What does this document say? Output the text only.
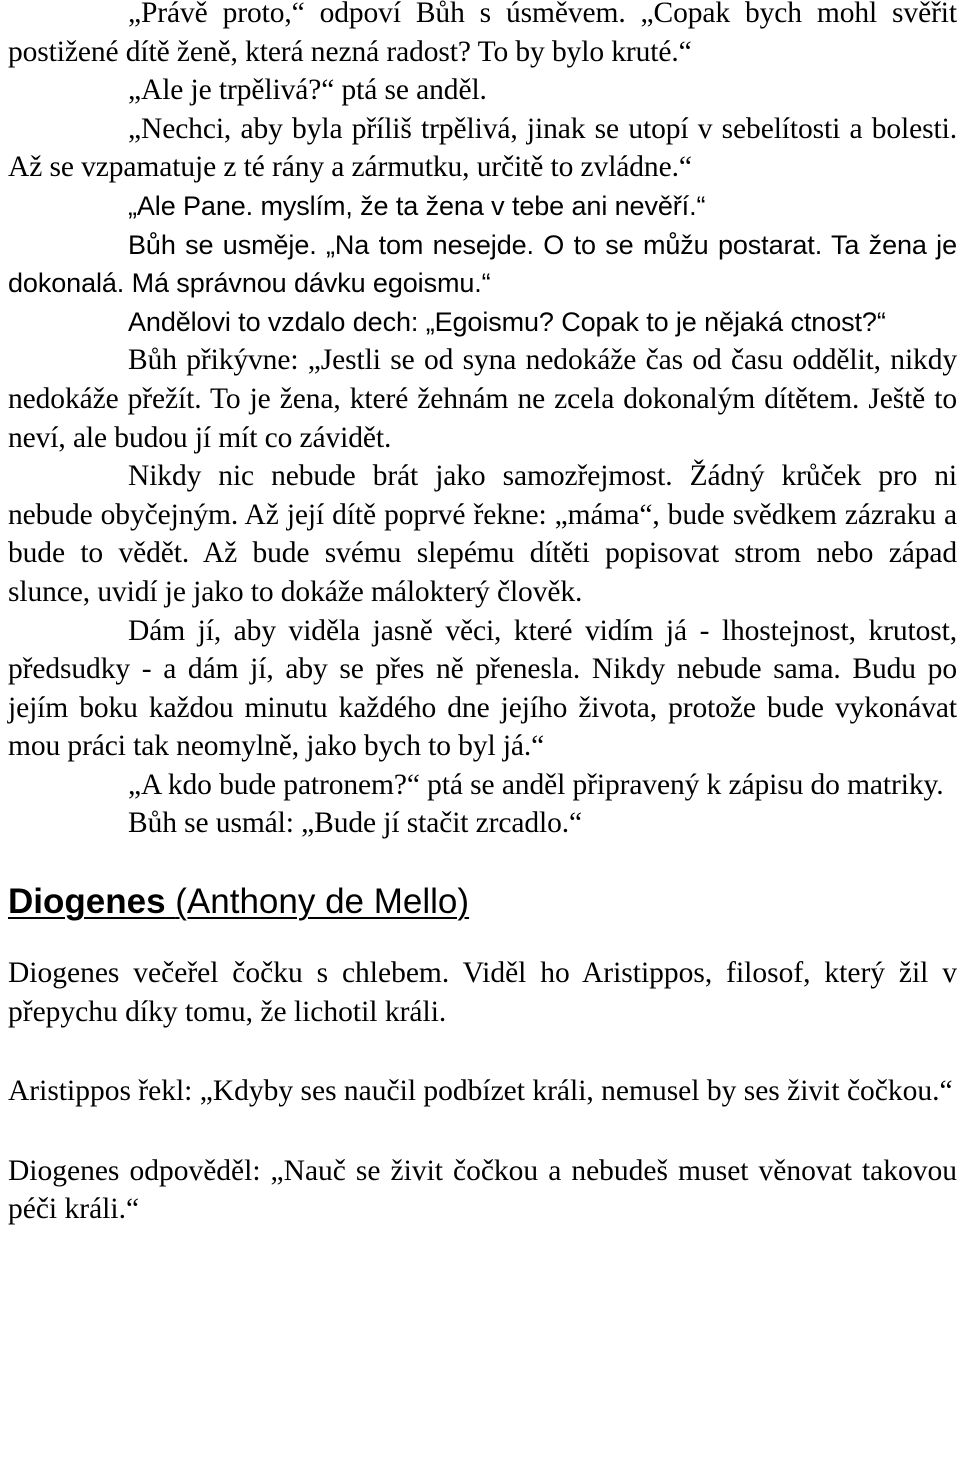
„Právě proto,“ odpoví Bůh s úsměvem. „Copak bych mohl svěřit postižené dítě ženě, která nezná radost? To by bylo kruté.“

„Ale je trpělivá?“ ptá se anděl.

„Nechci, aby byla příliš trpělivá, jinak se utopí v sebelítosti a bolesti. Až se vzpamatuje z té rány a zármutku, určitě to zvládne.“

„Ale Pane. myslím, že ta žena v tebe ani nevěří.“

Bůh se usměje. „Na tom nesejde. O to se můžu postarat. Ta žena je dokonalá. Má správnou dávku egoismu.“

Andělovi to vzdalo dech: „Egoismu? Copak to je nějaká ctnost?“

Bůh přikývne: „Jestli se od syna nedokáže čas od času oddělit, nikdy nedokáže přežít. To je žena, které žehnám ne zcela dokonalým dítětem. Ještě to neví, ale budou jí mít co závidět.

Nikdy nic nebude brát jako samozřejmost. Žádný krůček pro ni nebude obyčejným. Až její dítě poprvé řekne: „máma“, bude svědkem zázraku a bude to vědět. Až bude svému slepému dítěti popisovat strom nebo západ slunce, uvidí je jako to dokáže málokterý člověk.

Dám jí, aby viděla jasně věci, které vidím já - lhostejnost, krutost, předsudky - a dám jí, aby se přes ně přenesla. Nikdy nebude sama. Budu po jejím boku každou minutu každého dne jejího života, protože bude vykonávat mou práci tak neomylně, jako bych to byl já.“

„A kdo bude patronem?“ ptá se anděl připravený k zápisu do matriky.

Bůh se usmál: „Bude jí stačit zrcadlo.“

Diogenes (Anthony de Mello)

Diogenes večeřel čočku s chlebem. Viděl ho Aristippos, filosof, který žil v přepychu díky tomu, že lichotil králi.

Aristippos řekl: „Kdyby ses naučil podbízet králi, nemusel by ses živit čočkou.“

Diogenes odpověděl: „Nauč se živit čočkou a nebudeš muset věnovat takovou péči králi.“
